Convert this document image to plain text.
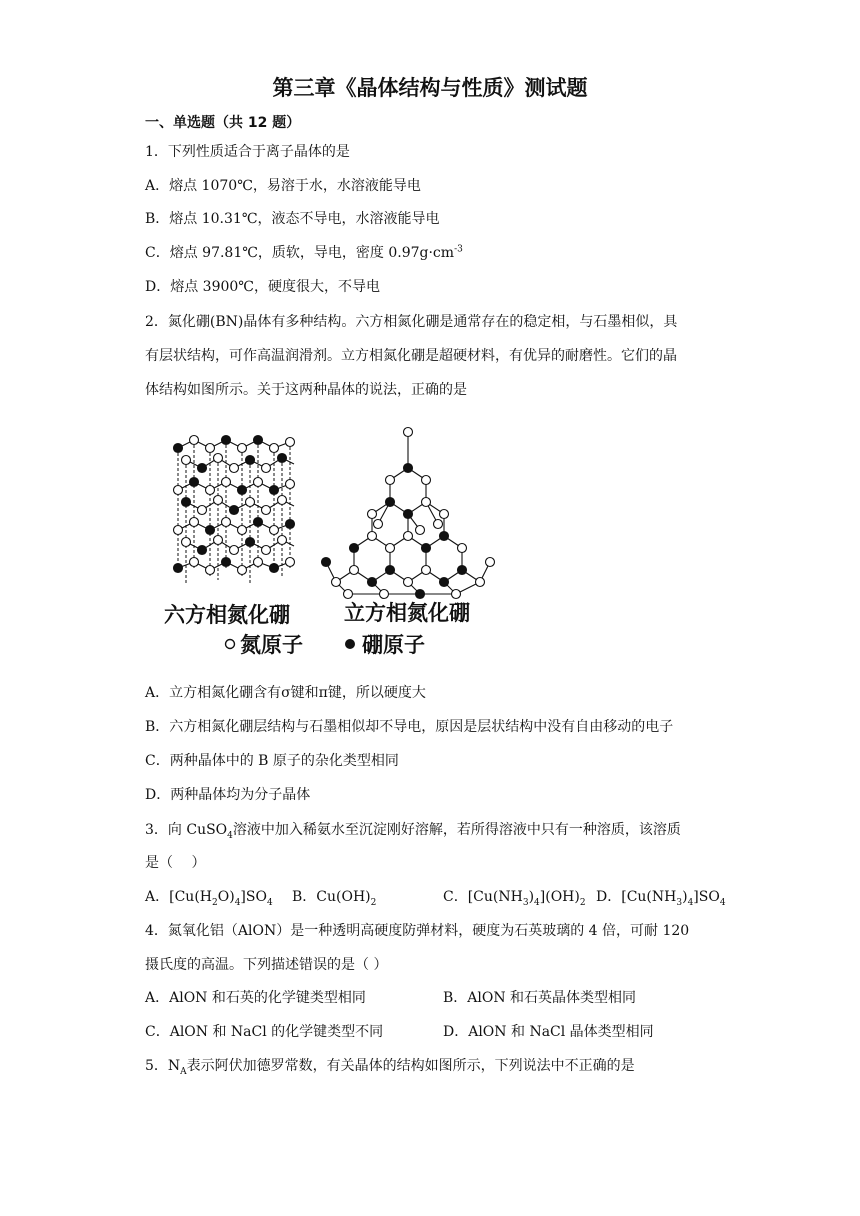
第三章《晶体结构与性质》测试题
一、单选题（共 12 题）
1．下列性质适合于离子晶体的是
A．熔点 1070℃，易溶于水，水溶液能导电
B．熔点 10.31℃，液态不导电，水溶液能导电
C．熔点 97.81℃，质软，导电，密度 $0.97g\cdot cm^{-3}$
D．熔点 3900℃，硬度很大，不导电
2．氮化硼(BN)晶体有多种结构。六方相氮化硼是通常存在的稳定相，与石墨相似，具
有层状结构，可作高温润滑剂。立方相氮化硼是超硬材料，有优异的耐磨性。它们的晶
体结构如图所示。关于这两种晶体的说法，正确的是
六方相氮化硼	立方相氮化硼
氮原子	硼原子
A．立方相氮化硼含有σ键和π键，所以硬度大
B．六方相氮化硼层结构与石墨相似却不导电，原因是层状结构中没有自由移动的电子
C．两种晶体中的 B 原子的杂化类型相同
D．两种晶体均为分子晶体
3．向 CuSO$_4$溶液中加入稀氨水至沉淀刚好溶解，若所得溶液中只有一种溶质，该溶质
是（　 ）
A．$[Cu(H_2O)_4]SO_4$ B．$Cu(OH)_2$	C．$[Cu(NH_3)_4](OH)_2$ D．$[Cu(NH_3)_4]SO_4$
4．氮氧化铝（AlON）是一种透明高硬度防弹材料，硬度为石英玻璃的 4 倍，可耐 120
摄氏度的高温。下列描述错误的是（ ）
A．AlON 和石英的化学键类型相同	B．AlON 和石英晶体类型相同
C．AlON 和 NaCl 的化学键类型不同	D．AlON 和 NaCl 晶体类型相同
5．$N_A$表示阿伏加德罗常数，有关晶体的结构如图所示，下列说法中不正确的是
